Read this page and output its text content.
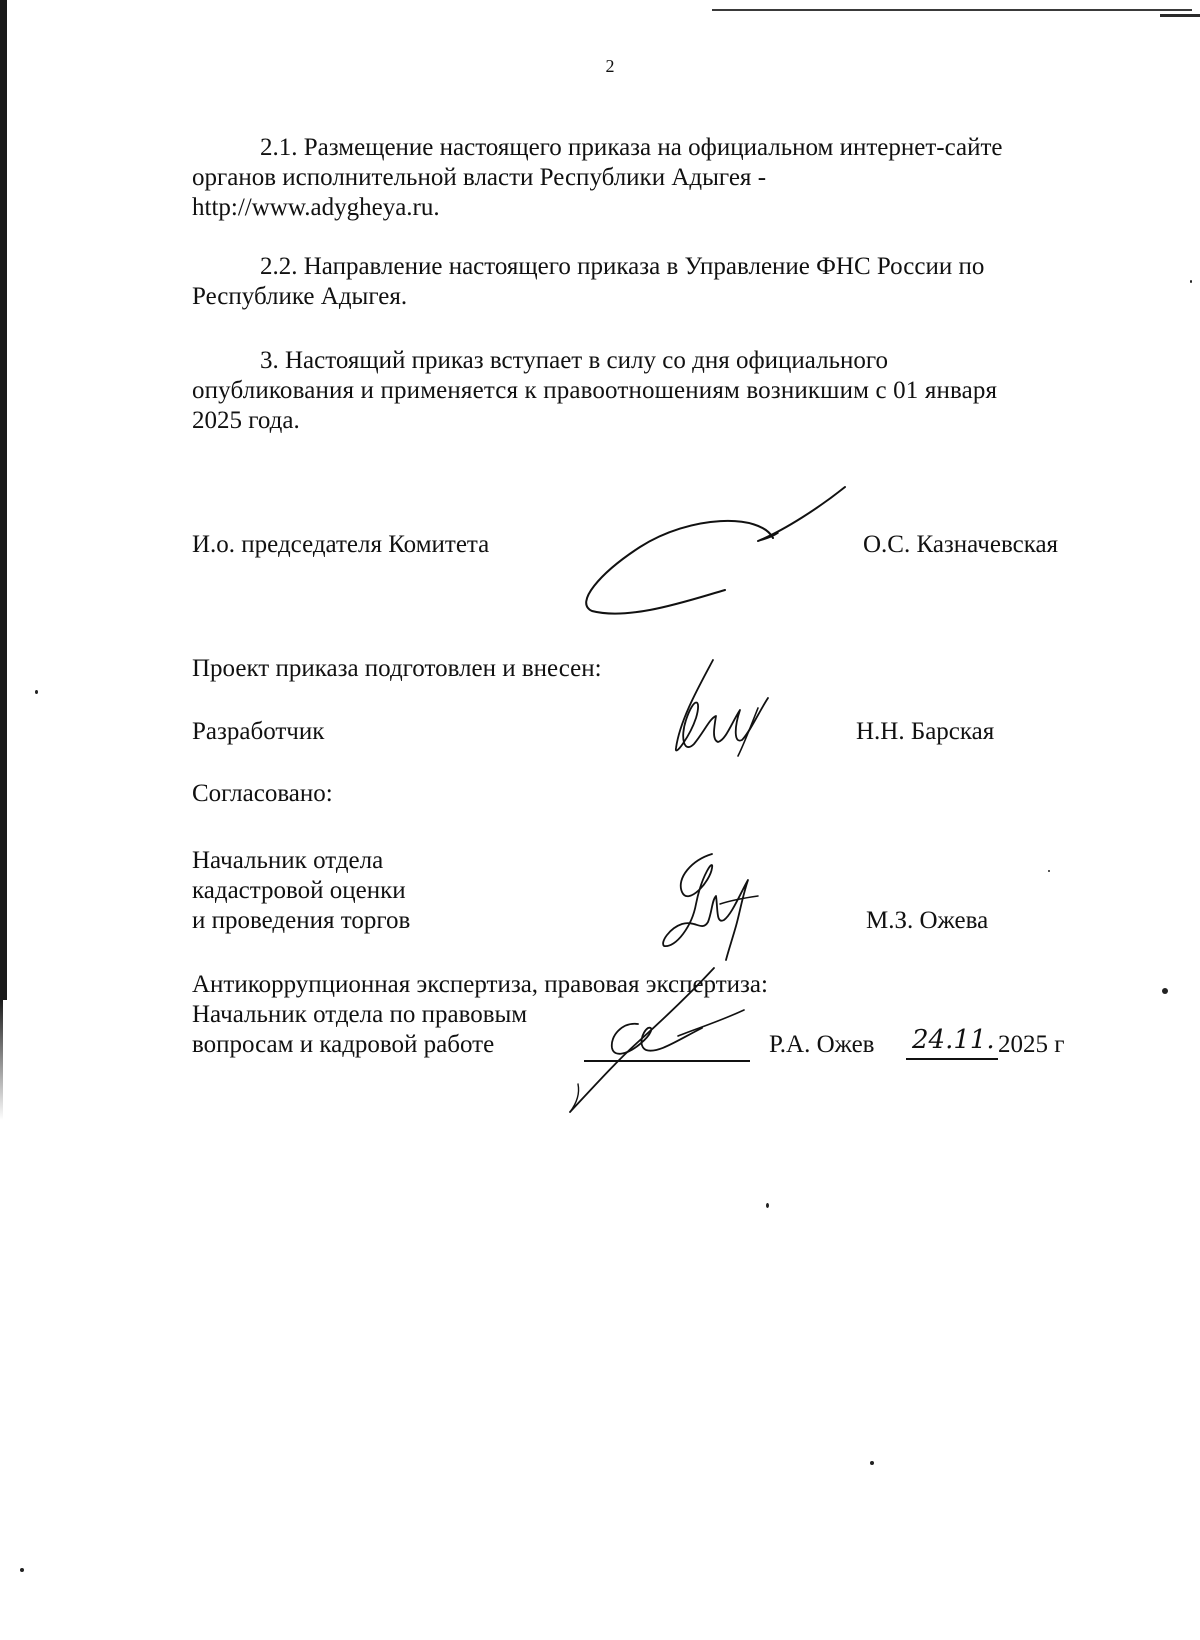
2
2.1. Размещение настоящего приказа на официальном интернет-сайте
органов исполнительной власти Республики Адыгея -
http://www.adygheya.ru.
2.2. Направление настоящего приказа в Управление ФНС России по
Республике Адыгея.
3. Настоящий приказ вступает в силу со дня официального
опубликования и применяется к правоотношениям возникшим с 01 января
2025 года.
И.о. председателя Комитета	О.С. Казначевская
Проект приказа подготовлен и внесен:
Разработчик	Н.Н. Барская
Согласовано:
Начальник отдела
кадастровой оценки
и проведения торгов	М.З. Ожева
Антикоррупционная экспертиза, правовая экспертиза:
Начальник отдела по правовым
вопросам и кадровой работе	Р.А. Ожев 24.11. 2025 г
